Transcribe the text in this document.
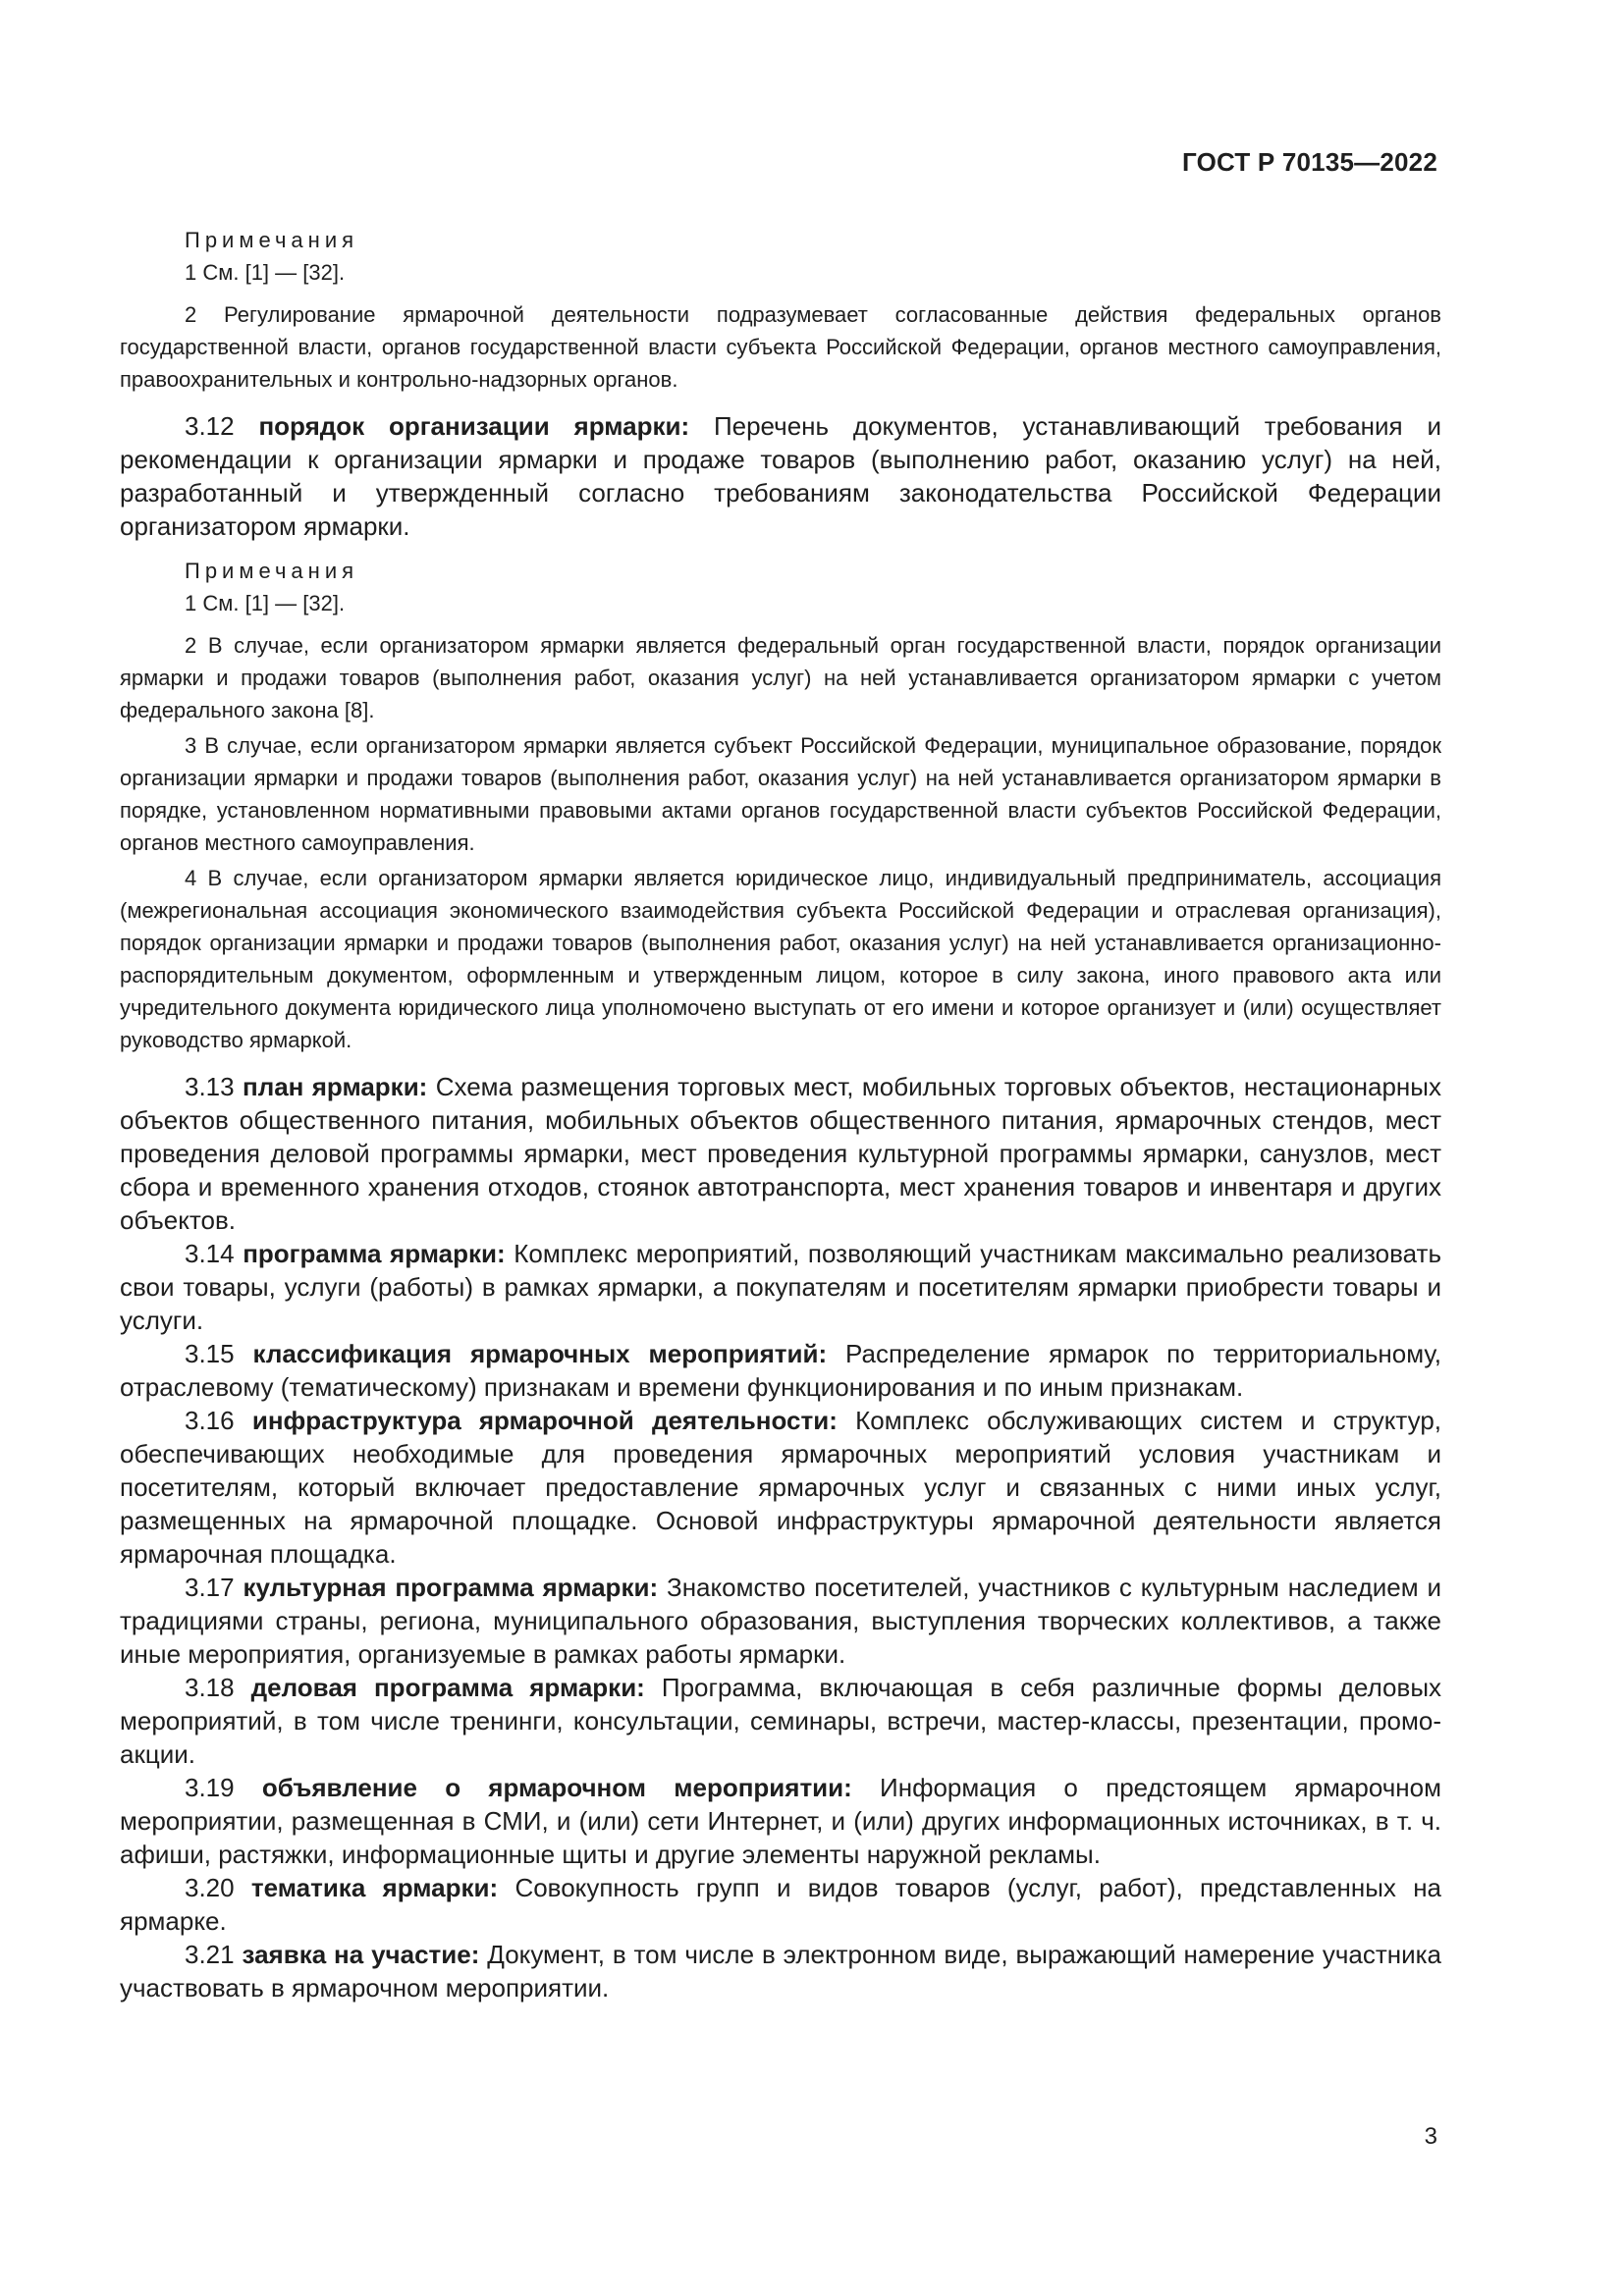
ГОСТ Р 70135—2022

Примечания

1 См. [1] — [32].

2 Регулирование ярмарочной деятельности подразумевает согласованные действия федеральных органов государственной власти, органов государственной власти субъекта Российской Федерации, органов местного самоуправления, правоохранительных и контрольно-надзорных органов.

3.12 порядок организации ярмарки: Перечень документов, устанавливающий требования и рекомендации к организации ярмарки и продаже товаров (выполнению работ, оказанию услуг) на ней, разработанный и утвержденный согласно требованиям законодательства Российской Федерации организатором ярмарки.

Примечания

1 См. [1] — [32].

2 В случае, если организатором ярмарки является федеральный орган государственной власти, порядок организации ярмарки и продажи товаров (выполнения работ, оказания услуг) на ней устанавливается организатором ярмарки с учетом федерального закона [8].

3 В случае, если организатором ярмарки является субъект Российской Федерации, муниципальное образование, порядок организации ярмарки и продажи товаров (выполнения работ, оказания услуг) на ней устанавливается организатором ярмарки в порядке, установленном нормативными правовыми актами органов государственной власти субъектов Российской Федерации, органов местного самоуправления.

4 В случае, если организатором ярмарки является юридическое лицо, индивидуальный предприниматель, ассоциация (межрегиональная ассоциация экономического взаимодействия субъекта Российской Федерации и отраслевая организация), порядок организации ярмарки и продажи товаров (выполнения работ, оказания услуг) на ней устанавливается организационно-распорядительным документом, оформленным и утвержденным лицом, которое в силу закона, иного правового акта или учредительного документа юридического лица уполномочено выступать от его имени и которое организует и (или) осуществляет руководство ярмаркой.

3.13 план ярмарки: Схема размещения торговых мест, мобильных торговых объектов, нестационарных объектов общественного питания, мобильных объектов общественного питания, ярмарочных стендов, мест проведения деловой программы ярмарки, мест проведения культурной программы ярмарки, санузлов, мест сбора и временного хранения отходов, стоянок автотранспорта, мест хранения товаров и инвентаря и других объектов.

3.14 программа ярмарки: Комплекс мероприятий, позволяющий участникам максимально реализовать свои товары, услуги (работы) в рамках ярмарки, а покупателям и посетителям ярмарки приобрести товары и услуги.

3.15 классификация ярмарочных мероприятий: Распределение ярмарок по территориальному, отраслевому (тематическому) признакам и времени функционирования и по иным признакам.

3.16 инфраструктура ярмарочной деятельности: Комплекс обслуживающих систем и структур, обеспечивающих необходимые для проведения ярмарочных мероприятий условия участникам и посетителям, который включает предоставление ярмарочных услуг и связанных с ними иных услуг, размещенных на ярмарочной площадке. Основой инфраструктуры ярмарочной деятельности является ярмарочная площадка.

3.17 культурная программа ярмарки: Знакомство посетителей, участников с культурным наследием и традициями страны, региона, муниципального образования, выступления творческих коллективов, а также иные мероприятия, организуемые в рамках работы ярмарки.

3.18 деловая программа ярмарки: Программа, включающая в себя различные формы деловых мероприятий, в том числе тренинги, консультации, семинары, встречи, мастер-классы, презентации, промо-акции.

3.19 объявление о ярмарочном мероприятии: Информация о предстоящем ярмарочном мероприятии, размещенная в СМИ, и (или) сети Интернет, и (или) других информационных источниках, в т. ч. афиши, растяжки, информационные щиты и другие элементы наружной рекламы.

3.20 тематика ярмарки: Совокупность групп и видов товаров (услуг, работ), представленных на ярмарке.

3.21 заявка на участие: Документ, в том числе в электронном виде, выражающий намерение участника участвовать в ярмарочном мероприятии.

3
